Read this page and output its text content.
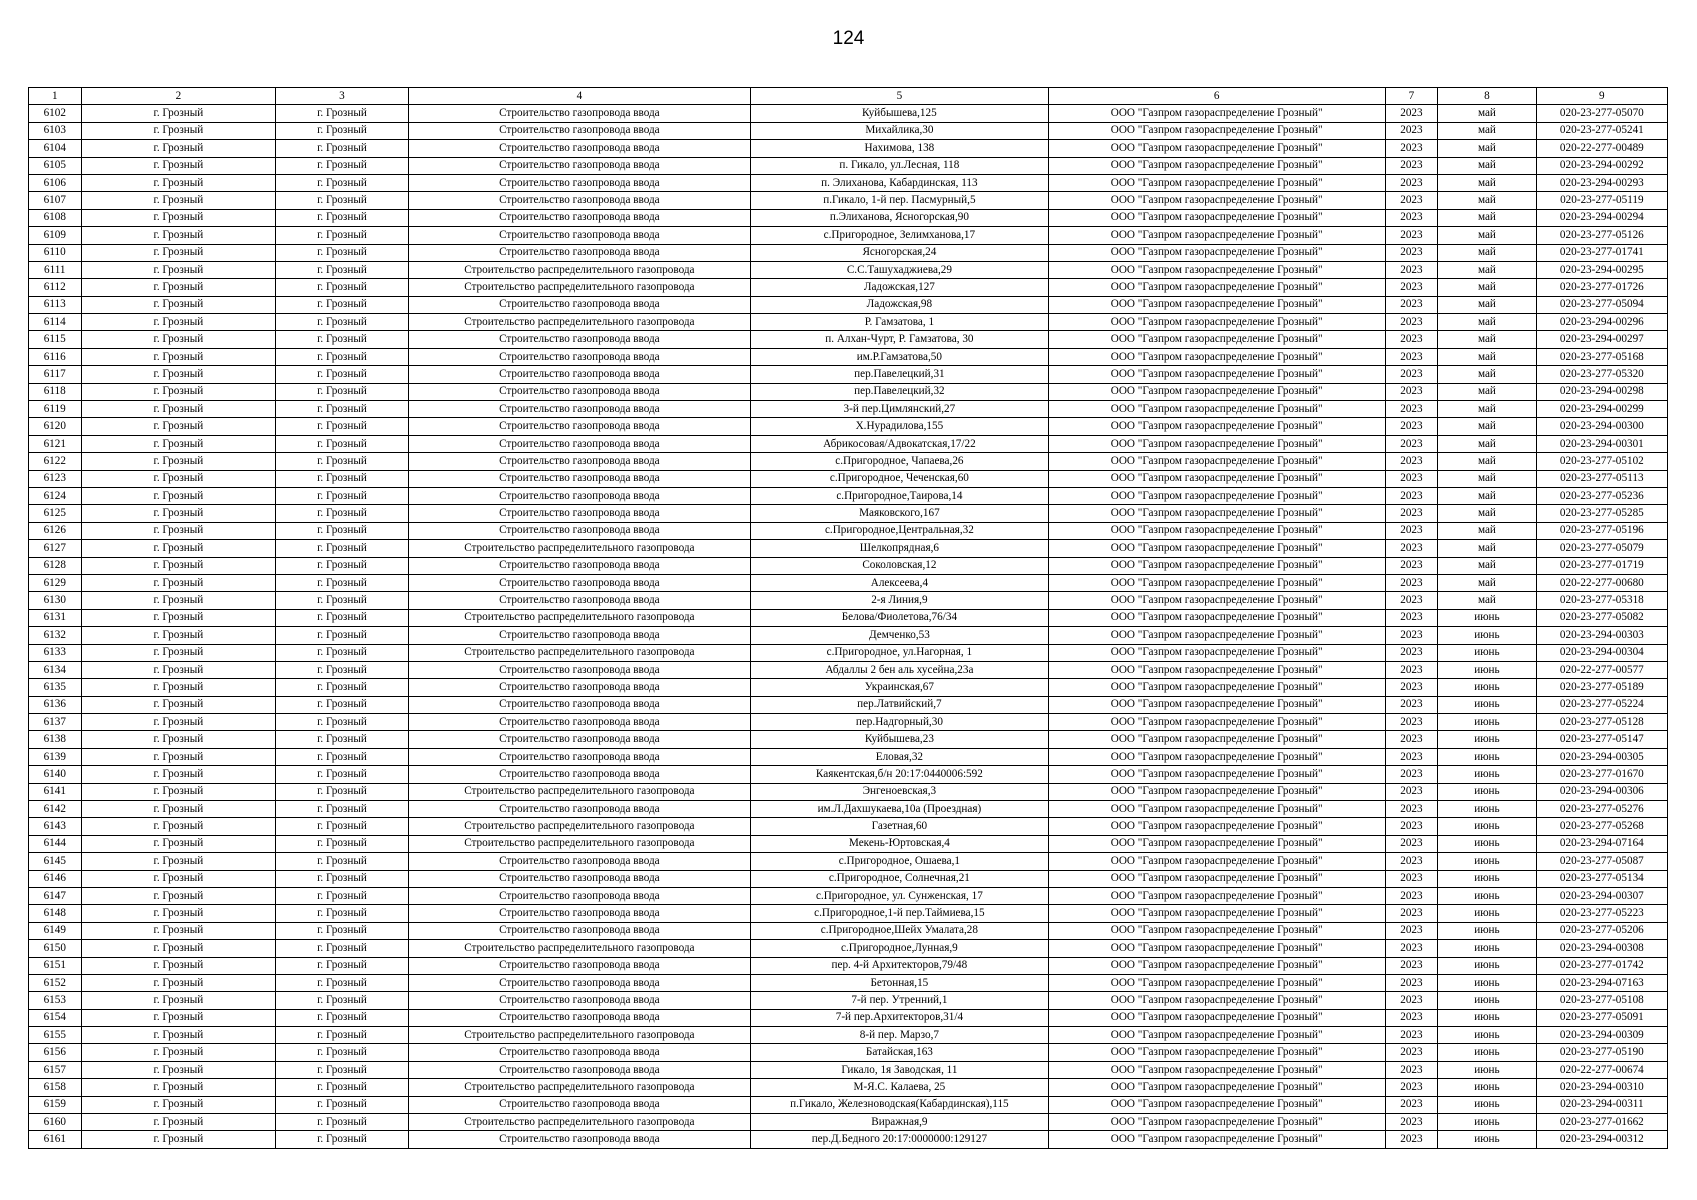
124
1	2	3	4	5	6	7	8	9
6102	г. Грозный	г. Грозный	Строительство газопровода ввода	Куйбышева,125	ООО "Газпром газораспределение Грозный"	2023	май	020-23-277-05070
6103	г. Грозный	г. Грозный	Строительство газопровода ввода	Михайлика,30	ООО "Газпром газораспределение Грозный"	2023	май	020-23-277-05241
6104	г. Грозный	г. Грозный	Строительство газопровода ввода	Нахимова, 138	ООО "Газпром газораспределение Грозный"	2023	май	020-22-277-00489
6105	г. Грозный	г. Грозный	Строительство газопровода ввода	п. Гикало, ул.Лесная, 118	ООО "Газпром газораспределение Грозный"	2023	май	020-23-294-00292
6106	г. Грозный	г. Грозный	Строительство газопровода ввода	п. Элиханова, Кабардинская, 113	ООО "Газпром газораспределение Грозный"	2023	май	020-23-294-00293
6107	г. Грозный	г. Грозный	Строительство газопровода ввода	п.Гикало, 1-й пер. Пасмурный,5	ООО "Газпром газораспределение Грозный"	2023	май	020-23-277-05119
6108	г. Грозный	г. Грозный	Строительство газопровода ввода	п.Элиханова, Ясногорская,90	ООО "Газпром газораспределение Грозный"	2023	май	020-23-294-00294
6109	г. Грозный	г. Грозный	Строительство газопровода ввода	с.Пригородное, Зелимханова,17	ООО "Газпром газораспределение Грозный"	2023	май	020-23-277-05126
6110	г. Грозный	г. Грозный	Строительство газопровода ввода	Ясногорская,24	ООО "Газпром газораспределение Грозный"	2023	май	020-23-277-01741
6111	г. Грозный	г. Грозный	Строительство распределительного газопровода	С.С.Ташухаджиева,29	ООО "Газпром газораспределение Грозный"	2023	май	020-23-294-00295
6112	г. Грозный	г. Грозный	Строительство распределительного газопровода	Ладожская,127	ООО "Газпром газораспределение Грозный"	2023	май	020-23-277-01726
6113	г. Грозный	г. Грозный	Строительство газопровода ввода	Ладожская,98	ООО "Газпром газораспределение Грозный"	2023	май	020-23-277-05094
6114	г. Грозный	г. Грозный	Строительство распределительного газопровода	Р. Гамзатова, 1	ООО "Газпром газораспределение Грозный"	2023	май	020-23-294-00296
6115	г. Грозный	г. Грозный	Строительство газопровода ввода	п. Алхан-Чурт, Р. Гамзатова, 30	ООО "Газпром газораспределение Грозный"	2023	май	020-23-294-00297
6116	г. Грозный	г. Грозный	Строительство газопровода ввода	им.Р.Гамзатова,50	ООО "Газпром газораспределение Грозный"	2023	май	020-23-277-05168
6117	г. Грозный	г. Грозный	Строительство газопровода ввода	пер.Павелецкий,31	ООО "Газпром газораспределение Грозный"	2023	май	020-23-277-05320
6118	г. Грозный	г. Грозный	Строительство газопровода ввода	пер.Павелецкий,32	ООО "Газпром газораспределение Грозный"	2023	май	020-23-294-00298
6119	г. Грозный	г. Грозный	Строительство газопровода ввода	3-й пер.Цимлянский,27	ООО "Газпром газораспределение Грозный"	2023	май	020-23-294-00299
6120	г. Грозный	г. Грозный	Строительство газопровода ввода	Х.Нурадилова,155	ООО "Газпром газораспределение Грозный"	2023	май	020-23-294-00300
6121	г. Грозный	г. Грозный	Строительство газопровода ввода	Абрикосовая/Адвокатская,17/22	ООО "Газпром газораспределение Грозный"	2023	май	020-23-294-00301
6122	г. Грозный	г. Грозный	Строительство газопровода ввода	с.Пригородное, Чапаева,26	ООО "Газпром газораспределение Грозный"	2023	май	020-23-277-05102
6123	г. Грозный	г. Грозный	Строительство газопровода ввода	с.Пригородное, Чеченская,60	ООО "Газпром газораспределение Грозный"	2023	май	020-23-277-05113
6124	г. Грозный	г. Грозный	Строительство газопровода ввода	с.Пригородное,Таирова,14	ООО "Газпром газораспределение Грозный"	2023	май	020-23-277-05236
6125	г. Грозный	г. Грозный	Строительство газопровода ввода	Маяковского,167	ООО "Газпром газораспределение Грозный"	2023	май	020-23-277-05285
6126	г. Грозный	г. Грозный	Строительство газопровода ввода	с.Пригородное,Центральная,32	ООО "Газпром газораспределение Грозный"	2023	май	020-23-277-05196
6127	г. Грозный	г. Грозный	Строительство распределительного газопровода	Шелкопрядная,6	ООО "Газпром газораспределение Грозный"	2023	май	020-23-277-05079
6128	г. Грозный	г. Грозный	Строительство газопровода ввода	Соколовская,12	ООО "Газпром газораспределение Грозный"	2023	май	020-23-277-01719
6129	г. Грозный	г. Грозный	Строительство газопровода ввода	Алексеева,4	ООО "Газпром газораспределение Грозный"	2023	май	020-22-277-00680
6130	г. Грозный	г. Грозный	Строительство газопровода ввода	2-я Линия,9	ООО "Газпром газораспределение Грозный"	2023	май	020-23-277-05318
6131	г. Грозный	г. Грозный	Строительство распределительного газопровода	Белова/Фиолетова,76/34	ООО "Газпром газораспределение Грозный"	2023	июнь	020-23-277-05082
6132	г. Грозный	г. Грозный	Строительство газопровода ввода	Демченко,53	ООО "Газпром газораспределение Грозный"	2023	июнь	020-23-294-00303
6133	г. Грозный	г. Грозный	Строительство распределительного газопровода	с.Пригородное, ул.Нагорная, 1	ООО "Газпром газораспределение Грозный"	2023	июнь	020-23-294-00304
6134	г. Грозный	г. Грозный	Строительство газопровода ввода	Абдаллы 2 бен аль хусейна,23а	ООО "Газпром газораспределение Грозный"	2023	июнь	020-22-277-00577
6135	г. Грозный	г. Грозный	Строительство газопровода ввода	Украинская,67	ООО "Газпром газораспределение Грозный"	2023	июнь	020-23-277-05189
6136	г. Грозный	г. Грозный	Строительство газопровода ввода	пер.Латвийский,7	ООО "Газпром газораспределение Грозный"	2023	июнь	020-23-277-05224
6137	г. Грозный	г. Грозный	Строительство газопровода ввода	пер.Надгорный,30	ООО "Газпром газораспределение Грозный"	2023	июнь	020-23-277-05128
6138	г. Грозный	г. Грозный	Строительство газопровода ввода	Куйбышева,23	ООО "Газпром газораспределение Грозный"	2023	июнь	020-23-277-05147
6139	г. Грозный	г. Грозный	Строительство газопровода ввода	Еловая,32	ООО "Газпром газораспределение Грозный"	2023	июнь	020-23-294-00305
6140	г. Грозный	г. Грозный	Строительство газопровода ввода	Каякентская,б/н 20:17:0440006:592	ООО "Газпром газораспределение Грозный"	2023	июнь	020-23-277-01670
6141	г. Грозный	г. Грозный	Строительство распределительного газопровода	Энгеноевская,3	ООО "Газпром газораспределение Грозный"	2023	июнь	020-23-294-00306
6142	г. Грозный	г. Грозный	Строительство газопровода ввода	им.Л.Дахшукаева,10а (Проездная)	ООО "Газпром газораспределение Грозный"	2023	июнь	020-23-277-05276
6143	г. Грозный	г. Грозный	Строительство распределительного газопровода	Газетная,60	ООО "Газпром газораспределение Грозный"	2023	июнь	020-23-277-05268
6144	г. Грозный	г. Грозный	Строительство распределительного газопровода	Мекень-Юртовская,4	ООО "Газпром газораспределение Грозный"	2023	июнь	020-23-294-07164
6145	г. Грозный	г. Грозный	Строительство газопровода ввода	с.Пригородное, Ошаева,1	ООО "Газпром газораспределение Грозный"	2023	июнь	020-23-277-05087
6146	г. Грозный	г. Грозный	Строительство газопровода ввода	с.Пригородное, Солнечная,21	ООО "Газпром газораспределение Грозный"	2023	июнь	020-23-277-05134
6147	г. Грозный	г. Грозный	Строительство газопровода ввода	с.Пригородное, ул. Сунженская, 17	ООО "Газпром газораспределение Грозный"	2023	июнь	020-23-294-00307
6148	г. Грозный	г. Грозный	Строительство газопровода ввода	с.Пригородное,1-й пер.Таймиева,15	ООО "Газпром газораспределение Грозный"	2023	июнь	020-23-277-05223
6149	г. Грозный	г. Грозный	Строительство газопровода ввода	с.Пригородное,Шейх Умалата,28	ООО "Газпром газораспределение Грозный"	2023	июнь	020-23-277-05206
6150	г. Грозный	г. Грозный	Строительство распределительного газопровода	с.Пригородное,Лунная,9	ООО "Газпром газораспределение Грозный"	2023	июнь	020-23-294-00308
6151	г. Грозный	г. Грозный	Строительство газопровода ввода	пер. 4-й Архитекторов,79/48	ООО "Газпром газораспределение Грозный"	2023	июнь	020-23-277-01742
6152	г. Грозный	г. Грозный	Строительство газопровода ввода	Бетонная,15	ООО "Газпром газораспределение Грозный"	2023	июнь	020-23-294-07163
6153	г. Грозный	г. Грозный	Строительство газопровода ввода	7-й пер. Утренний,1	ООО "Газпром газораспределение Грозный"	2023	июнь	020-23-277-05108
6154	г. Грозный	г. Грозный	Строительство газопровода ввода	7-й пер.Архитекторов,31/4	ООО "Газпром газораспределение Грозный"	2023	июнь	020-23-277-05091
6155	г. Грозный	г. Грозный	Строительство распределительного газопровода	8-й пер. Марзо,7	ООО "Газпром газораспределение Грозный"	2023	июнь	020-23-294-00309
6156	г. Грозный	г. Грозный	Строительство газопровода ввода	Батайская,163	ООО "Газпром газораспределение Грозный"	2023	июнь	020-23-277-05190
6157	г. Грозный	г. Грозный	Строительство газопровода ввода	Гикало, 1я Заводская, 11	ООО "Газпром газораспределение Грозный"	2023	июнь	020-22-277-00674
6158	г. Грозный	г. Грозный	Строительство распределительного газопровода	М-Я.С. Калаева, 25	ООО "Газпром газораспределение Грозный"	2023	июнь	020-23-294-00310
6159	г. Грозный	г. Грозный	Строительство газопровода ввода	п.Гикало, Железноводская(Кабардинская),115	ООО "Газпром газораспределение Грозный"	2023	июнь	020-23-294-00311
6160	г. Грозный	г. Грозный	Строительство распределительного газопровода	Виражная,9	ООО "Газпром газораспределение Грозный"	2023	июнь	020-23-277-01662
6161	г. Грозный	г. Грозный	Строительство газопровода ввода	пер.Д.Бедного 20:17:0000000:129127	ООО "Газпром газораспределение Грозный"	2023	июнь	020-23-294-00312
